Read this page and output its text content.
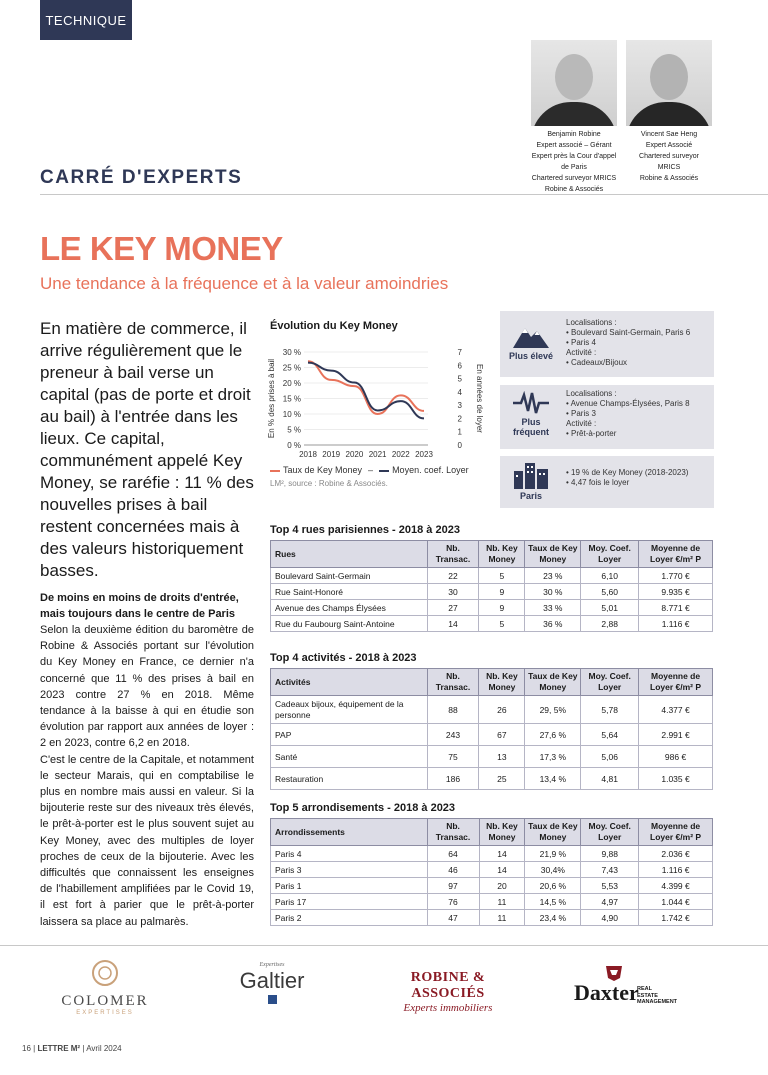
TECHNIQUE
Benjamin Robine
Expert associé – Gérant
Expert près la Cour d'appel
de Paris
Chartered surveyor MRICS
Robine & Associés
Vincent Sae Heng
Expert Associé
Chartered surveyor
MRICS
Robine & Associés
CARRÉ D'EXPERTS
LE KEY MONEY
Une tendance à la fréquence et à la valeur amoindries
En matière de commerce, il arrive régulièrement que le preneur à bail verse un capital (pas de porte et droit au bail) à l'entrée dans les lieux. Ce capital, communément appelé Key Money, se raréfie : 11 % des nouvelles prises à bail restent concernées mais à des valeurs historiquement basses.
De moins en moins de droits d'entrée, mais toujours dans le centre de Paris

Selon la deuxième édition du baromètre de Robine & Associés portant sur l'évolution du Key Money en France, ce dernier n'a concerné que 11 % des prises à bail en 2023 contre 27 % en 2018. Même tendance à la baisse à qui en étudie son évolution par rapport aux années de loyer : 2 en 2023, contre 6,2 en 2018.

C'est le centre de la Capitale, et notamment le secteur Marais, qui en comptabilise le plus en nombre mais aussi en valeur. Si la bijouterie reste sur des niveaux très élevés, le prêt-à-porter est le plus souvent sujet au Key Money, avec des multiples de loyer proches de ceux de la bijouterie. Avec les difficultés que connaissent les enseignes de l'habillement amplifiées par le Covid 19, il est fort à parier que le prêt-à-porter laissera sa place au palmarès.

Évolution du Key Money
30 %
25 %
20 %
15 %
10 %
5 %
0 %
7
6
5
4
3
2
1
0
2018 2019 2020 2021 2022 2023
En % des prises à bail	En années de loyer
Taux de Key Money –	Moyen. coef. Loyer
LM², source : Robine & Associés.
Plus élevé
Localisations :
• Boulevard Saint-Germain, Paris 6
• Paris 4
Activité :
• Cadeaux/Bijoux
Plus fréquent
Localisations :
• Avenue Champs-Élysées, Paris 8
• Paris 3
Activité :
• Prêt-à-porter
Paris
• 19 % de Key Money (2018-2023)
• 4,47 fois le loyer
Top 4 rues parisiennes - 2018 à 2023
Rues	Nb. Transac.	Nb. Key Money	Taux de Key Money	Moy. Coef. Loyer	Moyenne de Loyer €/m² P
Boulevard Saint-Germain	22	5	23 %	6,10	1.770 €
Rue Saint-Honoré	30	9	30 %	5,60	9.935 €
Avenue des Champs Élysées	27	9	33 %	5,01	8.771 €
Rue du Faubourg Saint-Antoine	14	5	36 %	2,88	1.116 €
Top 4 activités - 2018 à 2023
Activités	Nb. Transac.	Nb. Key Money	Taux de Key Money	Moy. Coef. Loyer	Moyenne de Loyer €/m² P
Cadeaux bijoux, équipement de la personne	88	26	29, 5%	5,78	4.377 €
PAP	243	67	27,6 %	5,64	2.991 €
Santé	75	13	17,3 %	5,06	986 €
Restauration	186	25	13,4 %	4,81	1.035 €
Top 5 arrondisements - 2018 à 2023
Arrondissements	Nb. Transac.	Nb. Key Money	Taux de Key Money	Moy. Coef. Loyer	Moyenne de Loyer €/m² P
Paris 4	64	14	21,9 %	9,88	2.036 €
Paris 3	46	14	30,4%	7,43	1.116 €
Paris 1	97	20	20,6 %	5,53	4.399 €
Paris 17	76	11	14,5 %	4,97	1.044 €
Paris 2	47	11	23,4 %	4,90	1.742 €
COLOMER
EXPERTISES
Expertises
Galtier	ROBINE & ASSOCIÉS
Experts immobiliers
Daxter
REAL
ESTATE
MANAGEMENT
16 | LETTRE M² | Avril 2024
